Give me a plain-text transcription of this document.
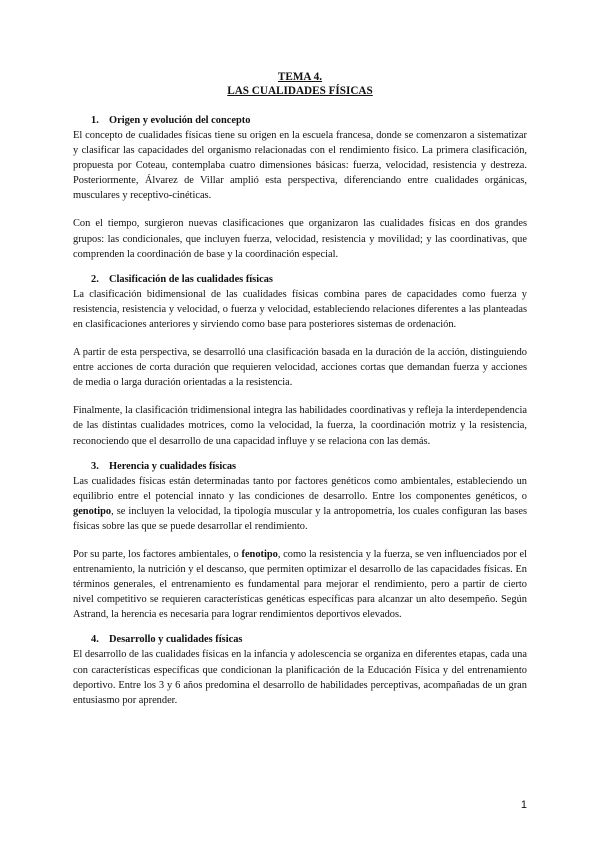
TEMA 4.
LAS CUALIDADES FÍSICAS
1. Origen y evolución del concepto

El concepto de cualidades físicas tiene su origen en la escuela francesa, donde se comenzaron a sistematizar y clasificar las capacidades del organismo relacionadas con el rendimiento físico. La primera clasificación, propuesta por Coteau, contemplaba cuatro dimensiones básicas: fuerza, velocidad, resistencia y destreza. Posteriormente, Álvarez de Villar amplió esta perspectiva, diferenciando entre cualidades orgánicas, musculares y receptivo-cinéticas.

Con el tiempo, surgieron nuevas clasificaciones que organizaron las cualidades físicas en dos grandes grupos: las condicionales, que incluyen fuerza, velocidad, resistencia y movilidad; y las coordinativas, que comprenden la coordinación de base y la coordinación especial.

2. Clasificación de las cualidades físicas

La clasificación bidimensional de las cualidades físicas combina pares de capacidades como fuerza y resistencia, resistencia y velocidad, o fuerza y velocidad, estableciendo relaciones diferentes a las planteadas en clasificaciones anteriores y sirviendo como base para posteriores sistemas de ordenación.

A partir de esta perspectiva, se desarrolló una clasificación basada en la duración de la acción, distinguiendo entre acciones de corta duración que requieren velocidad, acciones cortas que demandan fuerza y acciones de media o larga duración orientadas a la resistencia.

Finalmente, la clasificación tridimensional integra las habilidades coordinativas y refleja la interdependencia de las distintas cualidades motrices, como la velocidad, la fuerza, la coordinación motriz y la resistencia, reconociendo que el desarrollo de una capacidad influye y se relaciona con las demás.

3. Herencia y cualidades físicas

Las cualidades físicas están determinadas tanto por factores genéticos como ambientales, estableciendo un equilibrio entre el potencial innato y las condiciones de desarrollo. Entre los componentes genéticos, o genotipo, se incluyen la velocidad, la tipología muscular y la antropometría, los cuales configuran las bases físicas sobre las que se puede desarrollar el rendimiento.

Por su parte, los factores ambientales, o fenotipo, como la resistencia y la fuerza, se ven influenciados por el entrenamiento, la nutrición y el descanso, que permiten optimizar el desarrollo de las capacidades físicas. En términos generales, el entrenamiento es fundamental para mejorar el rendimiento, pero a partir de cierto nivel competitivo se requieren características genéticas específicas para alcanzar un alto desempeño. Según Astrand, la herencia es necesaria para lograr rendimientos deportivos elevados.

4. Desarrollo y cualidades físicas

El desarrollo de las cualidades físicas en la infancia y adolescencia se organiza en diferentes etapas, cada una con características específicas que condicionan la planificación de la Educación Física y del entrenamiento deportivo. Entre los 3 y 6 años predomina el desarrollo de habilidades perceptivas, acompañadas de un gran entusiasmo por aprender.

1
